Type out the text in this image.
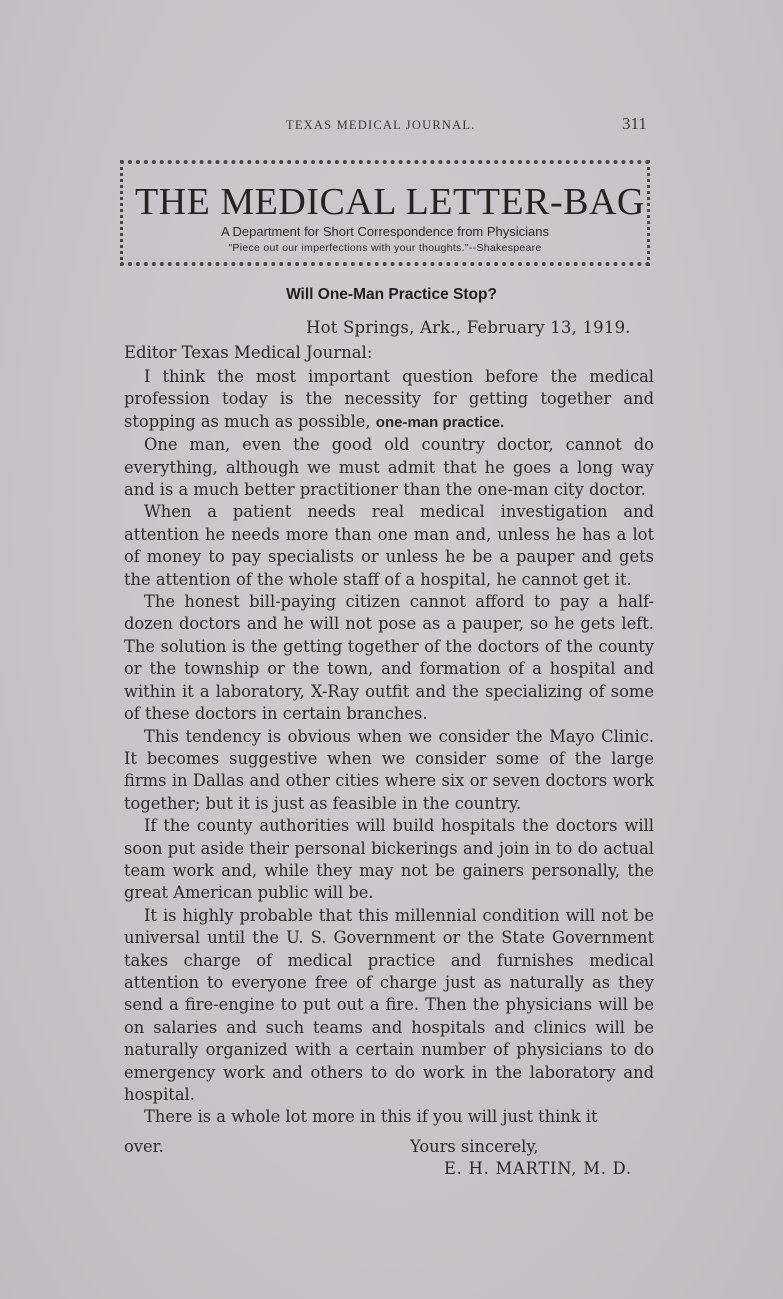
TEXAS MEDICAL JOURNAL.	311
THE MEDICAL LETTER-BAG
A Department for Short Correspondence from Physicians
"Piece out our imperfections with your thoughts."--Shakespeare
Will One-Man Practice Stop?
Hot Springs, Ark., February 13, 1919.
Editor Texas Medical Journal:

I think the most important question before the medical profession today is the necessity for getting together and stopping as much as possible, one-man practice.

One man, even the good old country doctor, cannot do everything, although we must admit that he goes a long way and is a much better practitioner than the one-man city doctor.

When a patient needs real medical investigation and attention he needs more than one man and, unless he has a lot of money to pay specialists or unless he be a pauper and gets the attention of the whole staff of a hospital, he cannot get it.

The honest bill-paying citizen cannot afford to pay a half-dozen doctors and he will not pose as a pauper, so he gets left. The solution is the getting together of the doctors of the county or the township or the town, and formation of a hospital and within it a laboratory, X-Ray outfit and the specializing of some of these doctors in certain branches.

This tendency is obvious when we consider the Mayo Clinic. It becomes suggestive when we consider some of the large firms in Dallas and other cities where six or seven doctors work together; but it is just as feasible in the country.

If the county authorities will build hospitals the doctors will soon put aside their personal bickerings and join in to do actual team work and, while they may not be gainers personally, the great American public will be.

It is highly probable that this millennial condition will not be universal until the U. S. Government or the State Government takes charge of medical practice and furnishes medical attention to everyone free of charge just as naturally as they send a fire-engine to put out a fire. Then the physicians will be on salaries and such teams and hospitals and clinics will be naturally organized with a certain number of physicians to do emergency work and others to do work in the laboratory and hospital.

There is a whole lot more in this if you will just think it

over.	Yours sincerely,
E. H. MARTIN, M. D.
